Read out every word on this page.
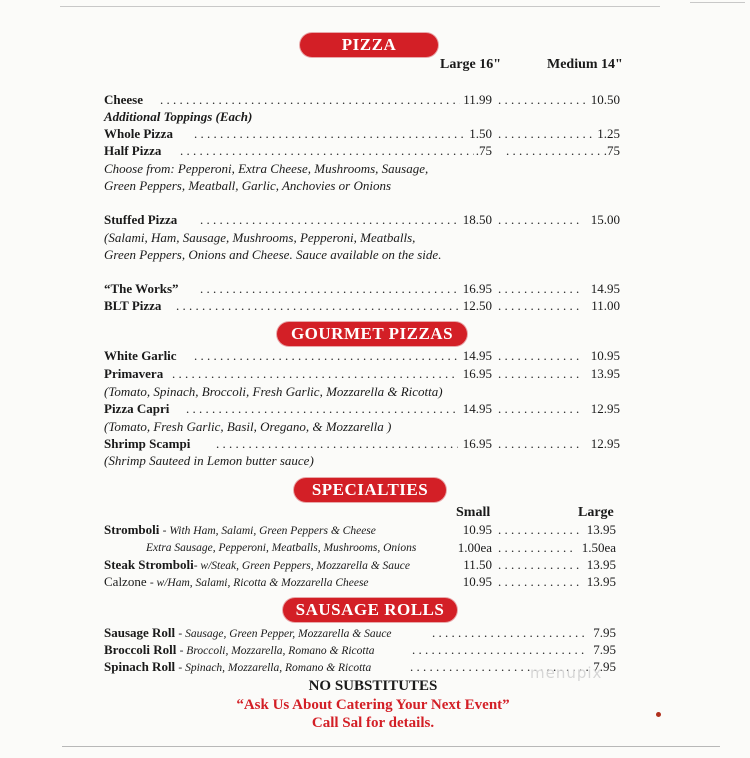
PIZZA
Large 16"	Medium 14"
Cheese . . .	11.99 . . .	10.50
Additional Toppings (Each)
Whole Pizza . . .	1.50 . . .	1.25
Half Pizza . . .	.75 . . .	.75
Choose from: Pepperoni, Extra Cheese, Mushrooms, Sausage,
Green Peppers, Meatball, Garlic, Anchovies or Onions
Stuffed Pizza . . .	18.50 . . .	15.00
(Salami, Ham, Sausage, Mushrooms, Pepperoni, Meatballs,
Green Peppers, Onions and Cheese. Sauce available on the side.
“The Works” . . .	16.95 . . .	14.95
BLT Pizza . . .	12.50 . . .	11.00
GOURMET PIZZAS
White Garlic . . .	14.95 . . .	10.95
Primavera . . .	16.95 . . .	13.95
(Tomato, Spinach, Broccoli, Fresh Garlic, Mozzarella & Ricotta)
Pizza Capri . . .	14.95 . . .	12.95
(Tomato, Fresh Garlic, Basil, Oregano, & Mozzarella )
Shrimp Scampi . . .	16.95 . . .	12.95
(Shrimp Sauteed in Lemon butter sauce)
SPECIALTIES
Small	Large
Stromboli - With Ham, Salami, Green Peppers & Cheese	10.95 . . .	13.95
Extra Sausage, Pepperoni, Meatballs, Mushrooms, Onions	1.00ea . . .	1.50ea
Steak Stromboli- w/Steak, Green Peppers, Mozzarella & Sauce	11.50 . . .	13.95
Calzone - w/Ham, Salami, Ricotta & Mozzarella Cheese	10.95 . . .	13.95
SAUSAGE ROLLS
Sausage Roll - Sausage, Green Pepper, Mozzarella & Sauce . . .	7.95
Broccoli Roll - Broccoli, Mozzarella, Romano & Ricotta . . .	7.95
Spinach Roll - Spinach, Mozzarella, Romano & Ricotta . . .	7.95
menupix
NO SUBSTITUTES
“Ask Us About Catering Your Next Event”
Call Sal for details.
